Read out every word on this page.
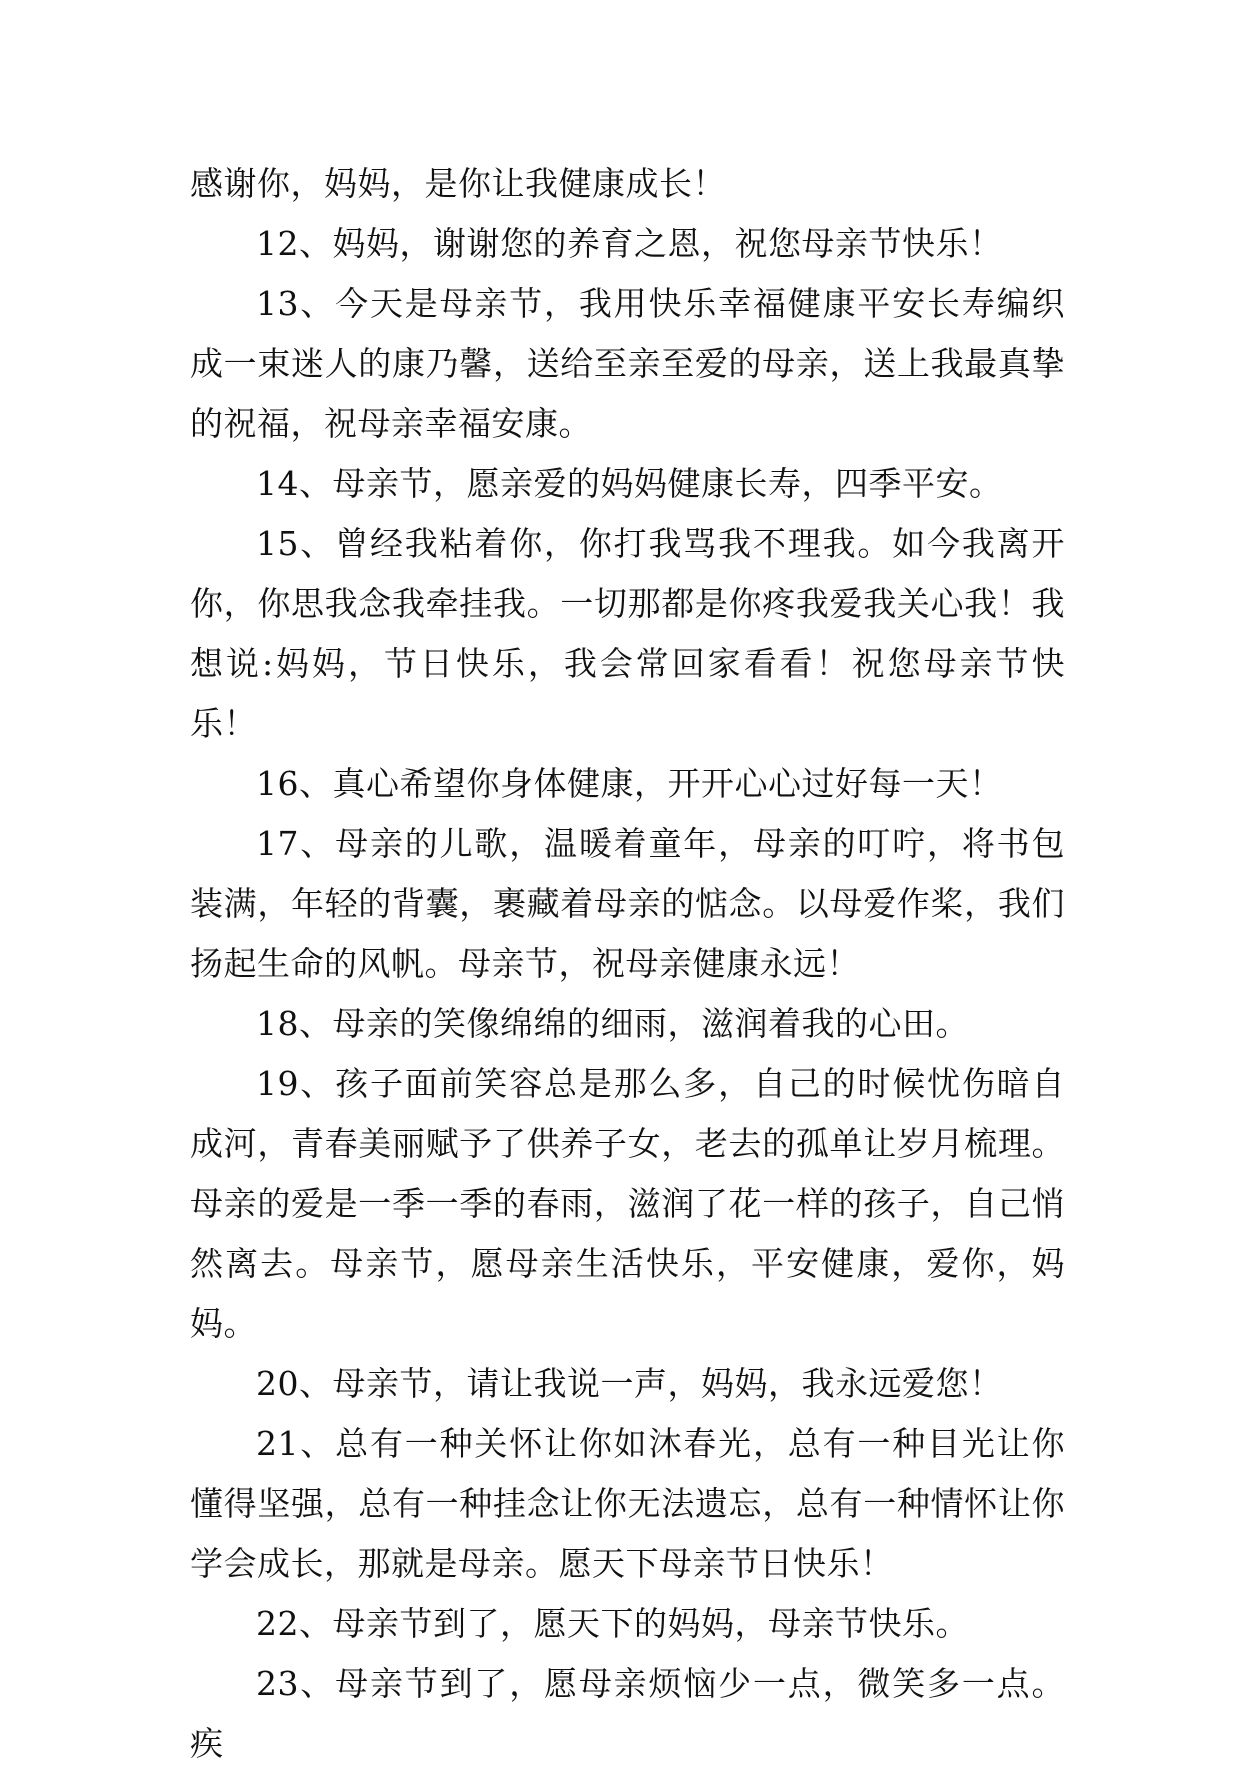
感谢你，妈妈，是你让我健康成长！

12、妈妈，谢谢您的养育之恩，祝您母亲节快乐！

13、今天是母亲节，我用快乐幸福健康平安长寿编织成一束迷人的康乃馨，送给至亲至爱的母亲，送上我最真挚的祝福，祝母亲幸福安康。

14、母亲节，愿亲爱的妈妈健康长寿，四季平安。

15、曾经我粘着你，你打我骂我不理我。如今我离开你，你思我念我牵挂我。一切那都是你疼我爱我关心我！我想说:妈妈，节日快乐，我会常回家看看！祝您母亲节快乐！

16、真心希望你身体健康，开开心心过好每一天！

17、母亲的儿歌，温暖着童年，母亲的叮咛，将书包装满，年轻的背囊，裹藏着母亲的惦念。以母爱作桨，我们扬起生命的风帆。母亲节，祝母亲健康永远！

18、母亲的笑像绵绵的细雨，滋润着我的心田。

19、孩子面前笑容总是那么多，自己的时候忧伤暗自成河，青春美丽赋予了供养子女，老去的孤单让岁月梳理。母亲的爱是一季一季的春雨，滋润了花一样的孩子，自己悄然离去。母亲节，愿母亲生活快乐，平安健康，爱你，妈妈。

20、母亲节，请让我说一声，妈妈，我永远爱您！

21、总有一种关怀让你如沐春光，总有一种目光让你懂得坚强，总有一种挂念让你无法遗忘，总有一种情怀让你学会成长，那就是母亲。愿天下母亲节日快乐！

22、母亲节到了，愿天下的妈妈，母亲节快乐。

23、母亲节到了，愿母亲烦恼少一点，微笑多一点。疾
